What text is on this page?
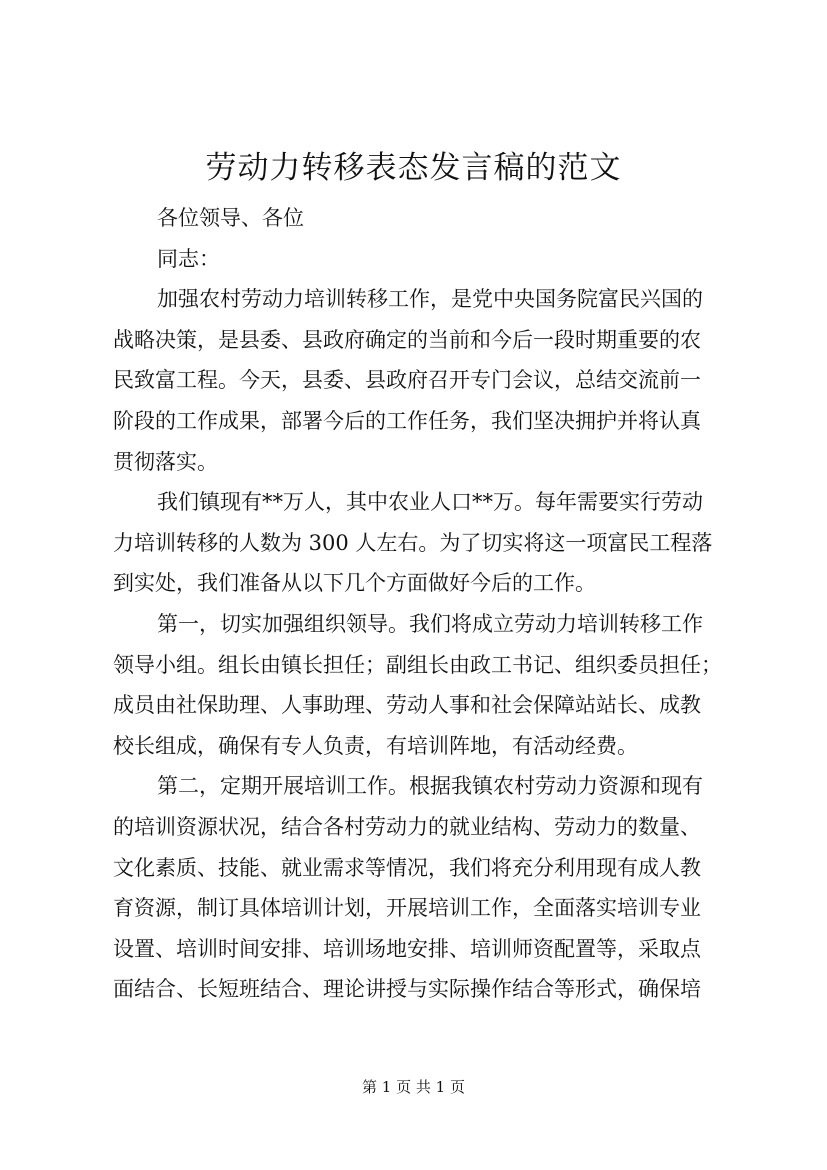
劳动力转移表态发言稿的范文
各位领导、各位
同志：
加强农村劳动力培训转移工作，是党中央国务院富民兴国的
战略决策，是县委、县政府确定的当前和今后一段时期重要的农
民致富工程。今天，县委、县政府召开专门会议，总结交流前一
阶段的工作成果，部署今后的工作任务，我们坚决拥护并将认真
贯彻落实。
我们镇现有**万人，其中农业人口**万。每年需要实行劳动
力培训转移的人数为 300 人左右。为了切实将这一项富民工程落
到实处，我们准备从以下几个方面做好今后的工作。
第一，切实加强组织领导。我们将成立劳动力培训转移工作
领导小组。组长由镇长担任；副组长由政工书记、组织委员担任；
成员由社保助理、人事助理、劳动人事和社会保障站站长、成教
校长组成，确保有专人负责，有培训阵地，有活动经费。
第二，定期开展培训工作。根据我镇农村劳动力资源和现有
的培训资源状况，结合各村劳动力的就业结构、劳动力的数量、
文化素质、技能、就业需求等情况，我们将充分利用现有成人教
育资源，制订具体培训计划，开展培训工作，全面落实培训专业
设置、培训时间安排、培训场地安排、培训师资配置等，采取点
面结合、长短班结合、理论讲授与实际操作结合等形式，确保培
第 1 页 共 1 页
